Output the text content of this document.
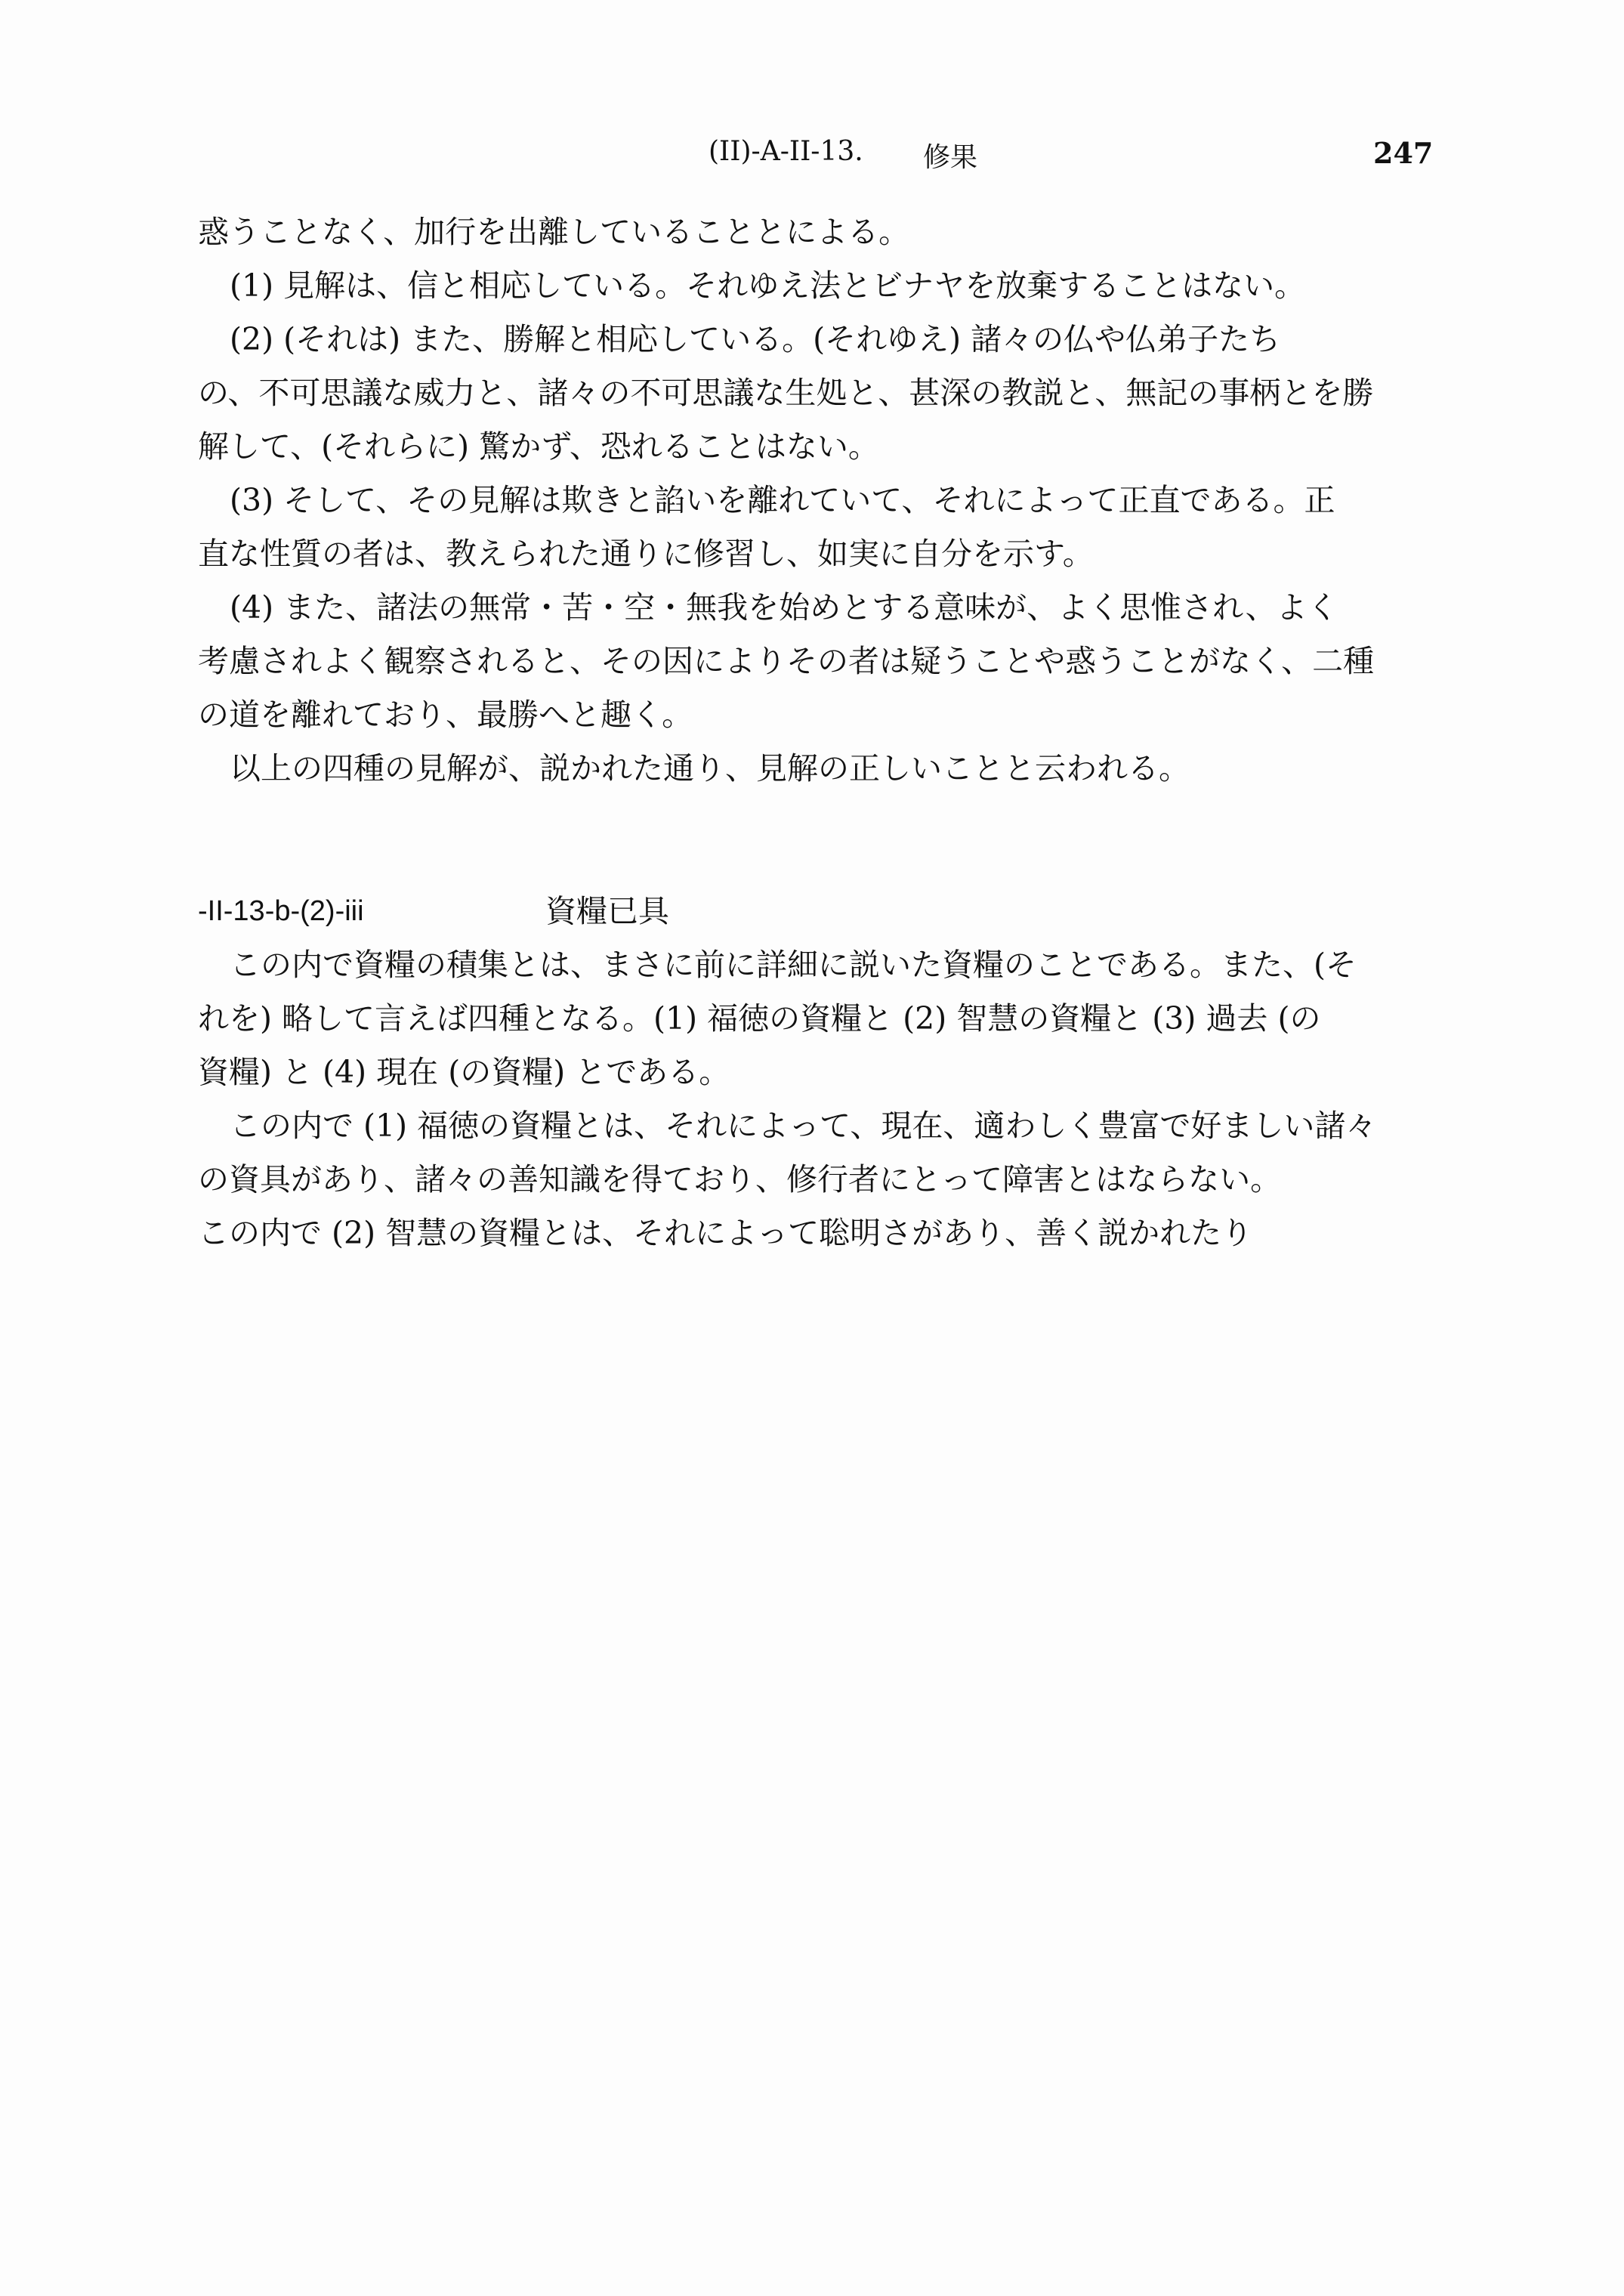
(II)-A-II-13. 修果	247

惑うことなく、加行を出離していることとによる。

(1) 見解は、信と相応している。それゆえ法とビナヤを放棄することはない。

(2) (それは) また、勝解と相応している。(それゆえ) 諸々の仏や仏弟子たち

の、不可思議な威力と、諸々の不可思議な生処と、甚深の教説と、無記の事柄とを勝

解して、(それらに) 驚かず、恐れることはない。

(3) そして、その見解は欺きと諂いを離れていて、それによって正直である。正

直な性質の者は、教えられた通りに修習し、如実に自分を示す。

(4) また、諸法の無常・苦・空・無我を始めとする意味が、よく思惟され、よく

考慮されよく観察されると、その因によりその者は疑うことや惑うことがなく、二種

の道を離れており、最勝へと趣く。

以上の四種の見解が、説かれた通り、見解の正しいことと云われる。

-II-13-b-(2)-iii	資糧已具

この内で資糧の積集とは、まさに前に詳細に説いた資糧のことである。また、(そ

れを) 略して言えば四種となる。(1) 福徳の資糧と (2) 智慧の資糧と (3) 過去 (の

資糧) と (4) 現在 (の資糧) とである。

この内で (1) 福徳の資糧とは、それによって、現在、適わしく豊富で好ましい諸々

の資具があり、諸々の善知識を得ており、修行者にとって障害とはならない。

この内で (2) 智慧の資糧とは、それによって聡明さがあり、善く説かれたり
